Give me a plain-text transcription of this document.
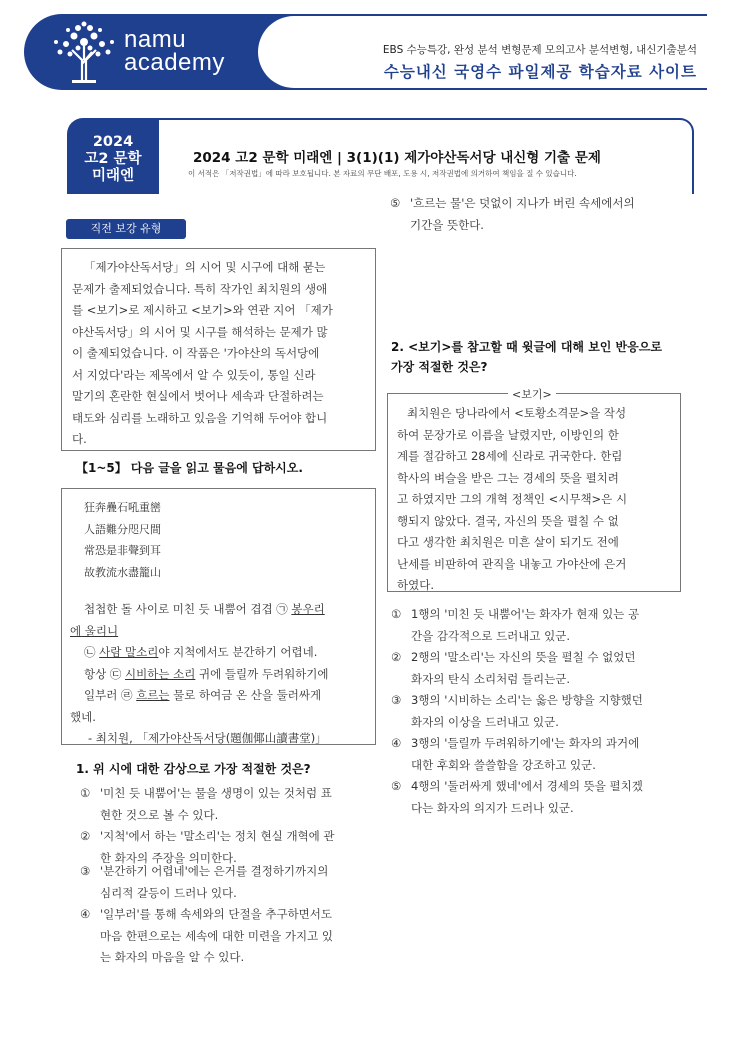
namu
academy	EBS 수능특강, 완성 분석 변형문제 모의고사 분석변형, 내신기출분석
수능내신 국영수 파일제공 학습자료 사이트
2024
고2 문학
미래엔
2024 고2 문학 미래엔 | 3(1)(1) 제가야산독서당 내신형 기출 문제
이 서적은 「저작권법」에 따라 보호됩니다. 본 자료의 무단 배포, 도용 시, 저작권법에 의거하여 책임을 질 수 있습니다.
직전 보강 유형
「제가야산독서당」의 시어 및 시구에 대해 묻는
문제가 출제되었습니다. 특히 작가인 최치원의 생애
를 <보기>로 제시하고 <보기>와 연관 지어 「제가
야산독서당」의 시어 및 시구를 해석하는 문제가 많
이 출제되었습니다. 이 작품은 '가야산의 독서당에
서 지었다'라는 제목에서 알 수 있듯이, 통일 신라
말기의 혼란한 현실에서 벗어나 세속과 단절하려는
태도와 심리를 노래하고 있음을 기억해 두어야 합니
다.
【1~5】 다음 글을 읽고 물음에 답하시오.
狂奔疊石吼重巒
人語難分咫尺間
常恐是非聲到耳
故教流水盡籠山
첩첩한 돌 사이로 미친 듯 내뿜어 겹겹 ㉠ 봉우리
에 울리니
㉡ 사람 말소리야 지척에서도 분간하기 어렵네.
항상 ㉢ 시비하는 소리 귀에 들릴까 두려워하기에
일부러 ㉣ 흐르는 물로 하여금 온 산을 둘러싸게
했네.
- 최치원, 「제가야산독서당(題伽倻山讀書堂)」
1. 위 시에 대한 감상으로 가장 적절한 것은?
① '미친 듯 내뿜어'는 물을 생명이 있는 것처럼 표
현한 것으로 볼 수 있다.
② '지척'에서 하는 '말소리'는 정치 현실 개혁에 관
한 화자의 주장을 의미한다.
③ '분간하기 어렵네'에는 은거를 결정하기까지의
심리적 갈등이 드러나 있다.
④ '일부러'를 통해 속세와의 단절을 추구하면서도
마음 한편으로는 세속에 대한 미련을 가지고 있
는 화자의 마음을 알 수 있다.
⑤ '흐르는 물'은 덧없이 지나가 버린 속세에서의
기간을 뜻한다.
2. <보기>를 참고할 때 윗글에 대해 보인 반응으로
가장 적절한 것은?
<보기>
최치원은 당나라에서 <토황소격문>을 작성
하여 문장가로 이름을 날렸지만, 이방인의 한
계를 절감하고 28세에 신라로 귀국한다. 한림
학사의 벼슬을 받은 그는 경세의 뜻을 펼치려
고 하였지만 그의 개혁 정책인 <시무책>은 시
행되지 않았다. 결국, 자신의 뜻을 펼칠 수 없
다고 생각한 최치원은 미흔 살이 되기도 전에
난세를 비판하여 관직을 내놓고 가야산에 은거
하였다.
① 1행의 '미친 듯 내뿜어'는 화자가 현재 있는 공
간을 감각적으로 드러내고 있군.
② 2행의 '말소리'는 자신의 뜻을 펼칠 수 없었던
화자의 탄식 소리처럼 들리는군.
③ 3행의 '시비하는 소리'는 옳은 방향을 지향했던
화자의 이상을 드러내고 있군.
④ 3행의 '들릴까 두려워하기에'는 화자의 과거에
대한 후회와 쓸쓸함을 강조하고 있군.
⑤ 4행의 '둘러싸게 했네'에서 경세의 뜻을 펼치겠
다는 화자의 의지가 드러나 있군.
